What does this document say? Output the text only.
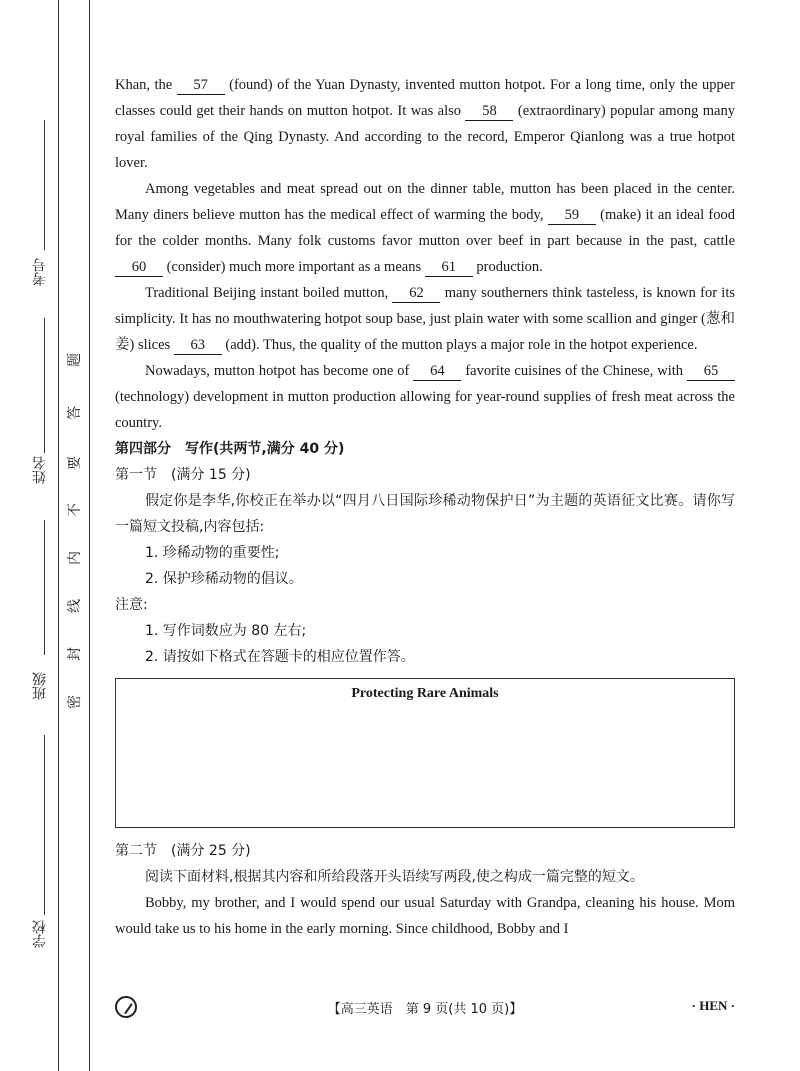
考号
姓名
班级
学校
题
答
要
不
内
线
封
密

Khan, the 57 (found) of the Yuan Dynasty, invented mutton hotpot. For a long time, only the upper classes could get their hands on mutton hotpot. It was also 58 (extraordinary) popular among many royal families of the Qing Dynasty. And according to the record, Emperor Qianlong was a true hotpot lover.

Among vegetables and meat spread out on the dinner table, mutton has been placed in the center. Many diners believe mutton has the medical effect of warming the body, 59 (make) it an ideal food for the colder months. Many folk customs favor mutton over beef in part because in the past, cattle 60 (consider) much more important as a means 61 production.

Traditional Beijing instant boiled mutton, 62 many southerners think tasteless, is known for its simplicity. It has no mouthwatering hotpot soup base, just plain water with some scallion and ginger (葱和姜) slices 63 (add). Thus, the quality of the mutton plays a major role in the hotpot experience.

Nowadays, mutton hotpot has become one of 64 favorite cuisines of the Chinese, with 65 (technology) development in mutton production allowing for year-round supplies of fresh meat across the country.

第四部分　写作(共两节,满分 40 分)

第一节　(满分 15 分)

假定你是李华,你校正在举办以“四月八日国际珍稀动物保护日”为主题的英语征文比赛。请你写一篇短文投稿,内容包括:

1. 珍稀动物的重要性;

2. 保护珍稀动物的倡议。

注意:

1. 写作词数应为 80 左右;

2. 请按如下格式在答题卡的相应位置作答。

Protecting Rare Animals

第二节　(满分 25 分)

阅读下面材料,根据其内容和所给段落开头语续写两段,使之构成一篇完整的短文。

Bobby, my brother, and I would spend our usual Saturday with Grandpa, cleaning his house. Mom would take us to his home in the early morning. Since childhood, Bobby and I

【高三英语　第 9 页(共 10 页)】	· HEN ·
